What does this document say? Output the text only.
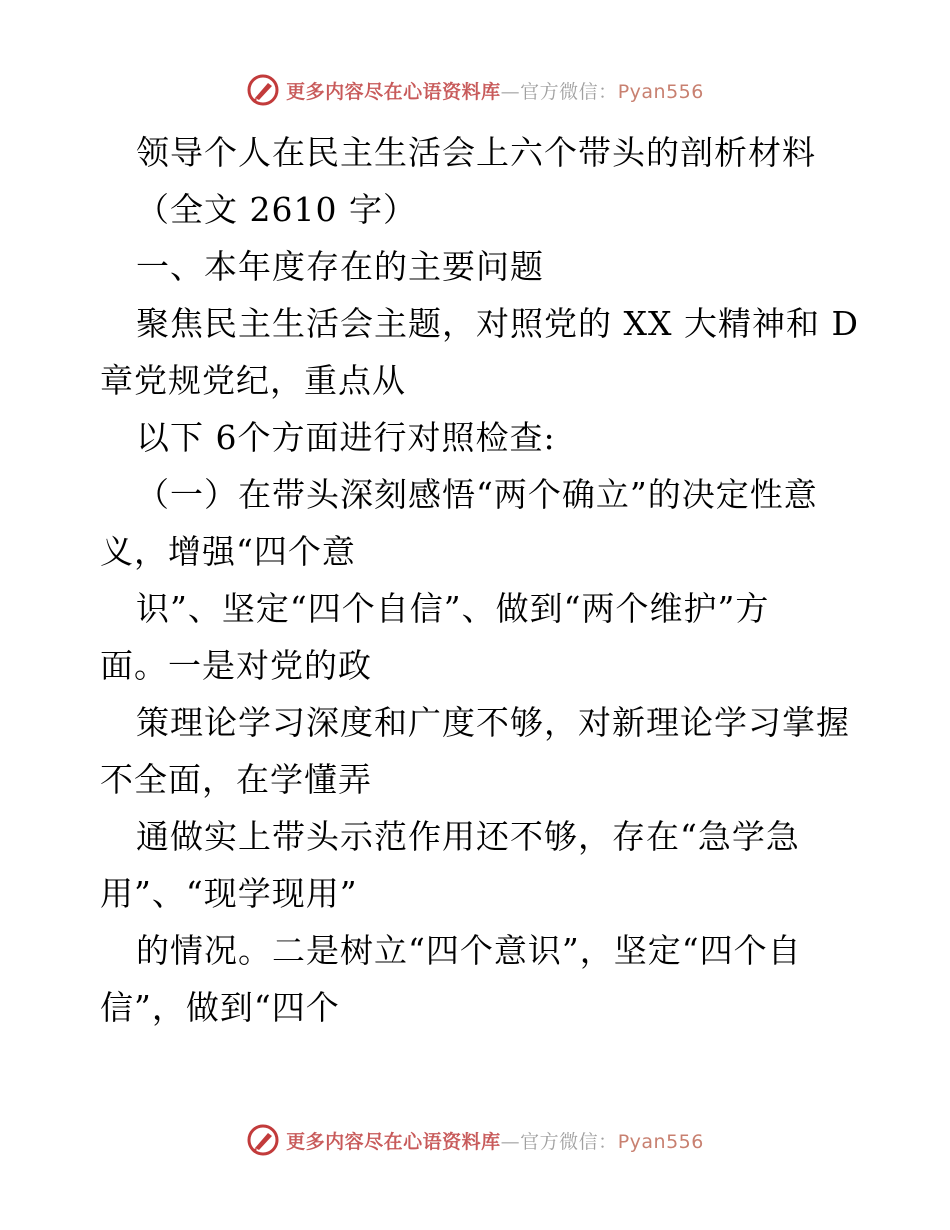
更多内容尽在心语资料库—官方微信：Pyan556
领导个人在民主生活会上六个带头的剖析材料
（全文 2610 字）
一、本年度存在的主要问题
聚焦民主生活会主题，对照党的 XX 大精神和 D
章党规党纪，重点从
以下 6个方面进行对照检查:
（一）在带头深刻感悟“两个确立”的决定性意
义，增强“四个意
识”、坚定“四个自信”、做到“两个维护”方
面。一是对党的政
策理论学习深度和广度不够，对新理论学习掌握
不全面，在学懂弄
通做实上带头示范作用还不够，存在“急学急
用”、“现学现用”
的情况。二是树立“四个意识”，坚定“四个自
信”，做到“四个
更多内容尽在心语资料库—官方微信：Pyan556
